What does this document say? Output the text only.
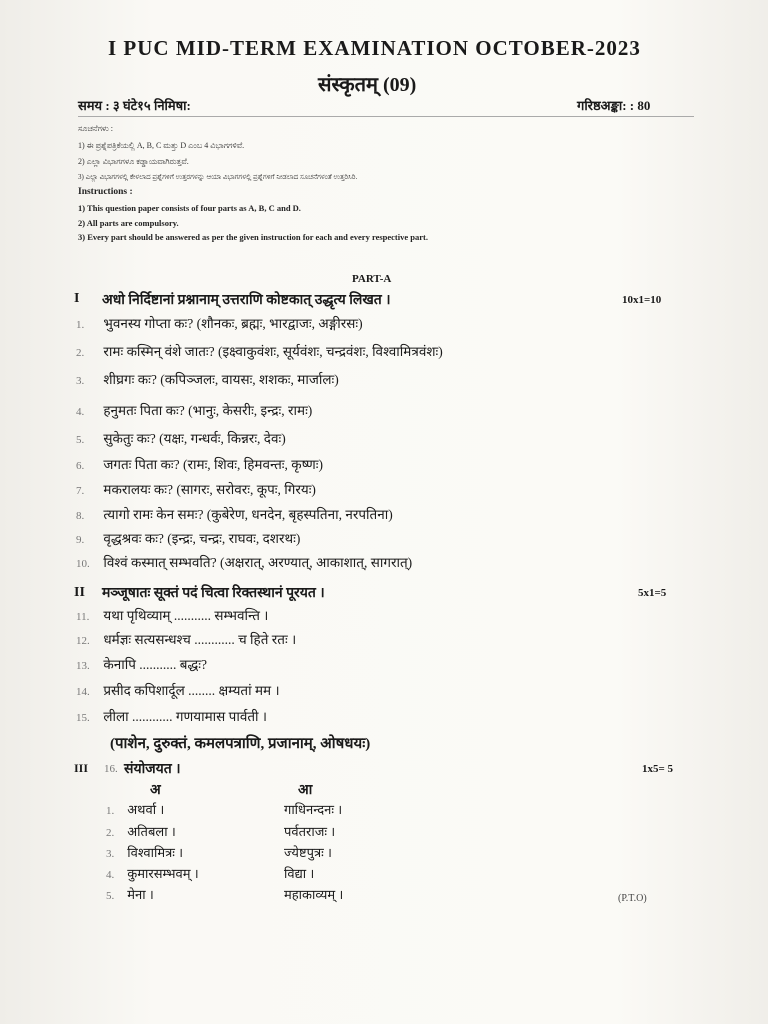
I PUC MID-TERM EXAMINATION OCTOBER-2023
संस्कृतम् (09)
समय : ३ घंटे१५ निमिषा:	गरिष्ठअङ्का: : 80
ಸೂಚನೆಗಳು :
1) ಈ ಪ್ರಶ್ನೆಪತ್ರಿಕೆಯಲ್ಲಿ A, B, C ಮತ್ತು D ಎಂಬ 4 ವಿಭಾಗಗಳಿವೆ.
2) ಎಲ್ಲಾ ವಿಭಾಗಗಳೂ ಕಡ್ಡಾಯವಾಗಿರುತ್ತವೆ.
3) ಎಲ್ಲಾ ವಿಭಾಗಗಳಲ್ಲಿ ಕೇಳಲಾದ ಪ್ರಶ್ನೆಗಳಿಗೆ ಉತ್ತರಗಳನ್ನು ಆಯಾ ವಿಭಾಗಗಳಲ್ಲಿ ಪ್ರಶ್ನೆಗಳಿಗೆ ನೀಡಲಾದ ಸೂಚನೆಗಳಂತೆ ಉತ್ತರಿಸಿರಿ.
Instructions :
1) This question paper consists of four parts as A, B, C and D.
2) All parts are compulsory.
3) Every part should be answered as per the given instruction for each and every respective part.
PART-A
I अधो निर्दिष्टानां प्रश्नानाम् उत्तराणि कोष्टकात् उद्धृत्य लिखत ।	10x1=10
1. भुवनस्य गोप्ता कः? (शौनकः, ब्रह्मः, भारद्वाजः, अङ्गीरसः)
2. रामः कस्मिन् वंशे जातः? (इक्ष्वाकुवंशः, सूर्यवंशः, चन्द्रवंशः, विश्वामित्रवंशः)
3. शीघ्रगः कः? (कपिञ्जलः, वायसः, शशकः, मार्जालः)
4. हनुमतः पिता कः? (भानुः, केसरीः, इन्द्रः, रामः)
5. सुकेतुः कः? (यक्षः, गन्धर्वः, किन्नरः, देवः)
6. जगतः पिता कः? (रामः, शिवः, हिमवन्तः, कृष्णः)
7. मकरालयः कः? (सागरः, सरोवरः, कूपः, गिरयः)
8. त्यागो रामः केन समः? (कुबेरेण, धनदेन, बृहस्पतिना, नरपतिना)
9. वृद्धश्रवः कः? (इन्द्रः, चन्द्रः, राघवः, दशरथः)
10. विश्वं कस्मात् सम्भवति? (अक्षरात्, अरण्यात्, आकाशात्, सागरात्)
II मञ्जूषातः सूक्तं पदं चित्वा रिक्तस्थानं पूरयत ।	5x1=5
11. यथा पृथिव्याम् ........... सम्भवन्ति ।
12. धर्मज्ञः सत्यसन्धश्च ............ च हिते रतः ।
13. केनापि ........... बद्धः?
14. प्रसीद कपिशार्दूल ........ क्षम्यतां मम ।
15. लीला ............ गणयामास पार्वती ।
(पाशेन, दुरुक्तं, कमलपत्राणि, प्रजानाम्, ओषधयः)
III 16. संयोजयत ।	1x5= 5
अ	आ
1. अथर्वा ।	गाधिनन्दनः ।
2. अतिबला ।	पर्वतराजः ।
3. विश्वामित्रः ।	ज्येष्टपुत्रः ।
4. कुमारसम्भवम् ।	विद्या ।
5. मेना ।	महाकाव्यम् ।	(P.T.O)
